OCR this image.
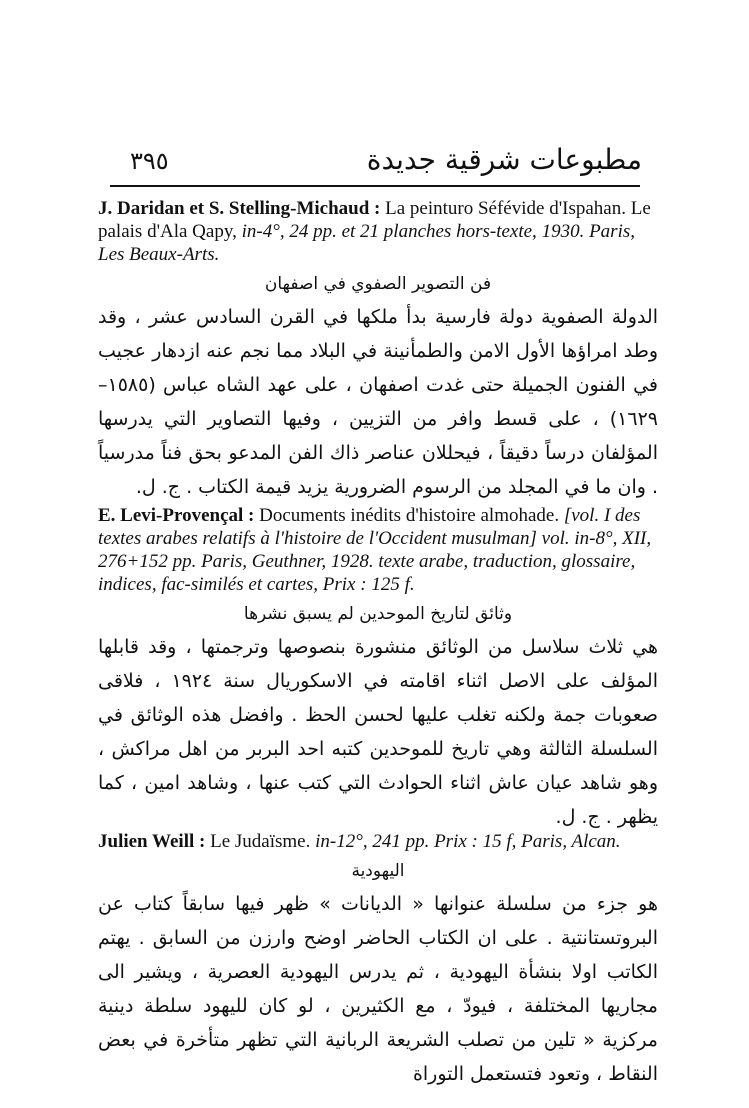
٣٩٥	مطبوعات شرقية جديدة
J. Daridan et S. Stelling-Michaud : La peinturo Séfévide d'Ispahan. Le palais d'Ala Qapy, in-4°, 24 pp. et 21 planches hors-texte, 1930. Paris, Les Beaux-Arts.
فن التصوير الصفوي في اصفهان
الدولة الصفوية دولة فارسية بدأ ملكها في القرن السادس عشر ، وقد وطد امراؤها الأول الامن والطمأنينة في البلاد مما نجم عنه ازدهار عجيب في الفنون الجميلة حتى غدت اصفهان ، على عهد الشاه عباس (١٥٨٥–١٦٢٩) ، على قسط وافر من التزيين ، وفيها التصاوير التي يدرسها المؤلفان درساً دقيقاً ، فيحللان عناصر ذاك الفن المدعو بحق فناً مدرسياً . وان ما في المجلد من الرسوم الضرورية يزيد قيمة الكتاب . ج. ل.
E. Levi-Provençal : Documents inédits d'histoire almohade. [vol. I des textes arabes relatifs à l'histoire de l'Occident musulman] vol. in-8°, XII, 276+152 pp. Paris, Geuthner, 1928. texte arabe, traduction, glossaire, indices, fac-similés et cartes, Prix : 125 f.
وثائق لتاريخ الموحدين لم يسبق نشرها
هي ثلاث سلاسل من الوثائق منشورة بنصوصها وترجمتها ، وقد قابلها المؤلف على الاصل اثناء اقامته في الاسكوريال سنة ١٩٢٤ ، فلاقى صعوبات جمة ولكنه تغلب عليها لحسن الحظ . وافضل هذه الوثائق في السلسلة الثالثة وهي تاريخ للموحدين كتبه احد البربر من اهل مراكش ، وهو شاهد عيان عاش اثناء الحوادث التي كتب عنها ، وشاهد امين ، كما يظهر . ج. ل.
Julien Weill : Le Judaïsme. in-12°, 241 pp. Prix : 15 f, Paris, Alcan.
اليهودية
هو جزء من سلسلة عنوانها « الديانات » ظهر فيها سابقاً كتاب عن البروتستانتية . على ان الكتاب الحاضر اوضح وارزن من السابق . يهتم الكاتب اولا بنشأة اليهودية ، ثم يدرس اليهودية العصرية ، ويشير الى مجاريها المختلفة ، فيودّ ، مع الكثيرين ، لو كان لليهود سلطة دينية مركزية « تلين من تصلب الشريعة الربانية التي تظهر متأخرة في بعض النقاط ، وتعود فتستعمل التوراة
